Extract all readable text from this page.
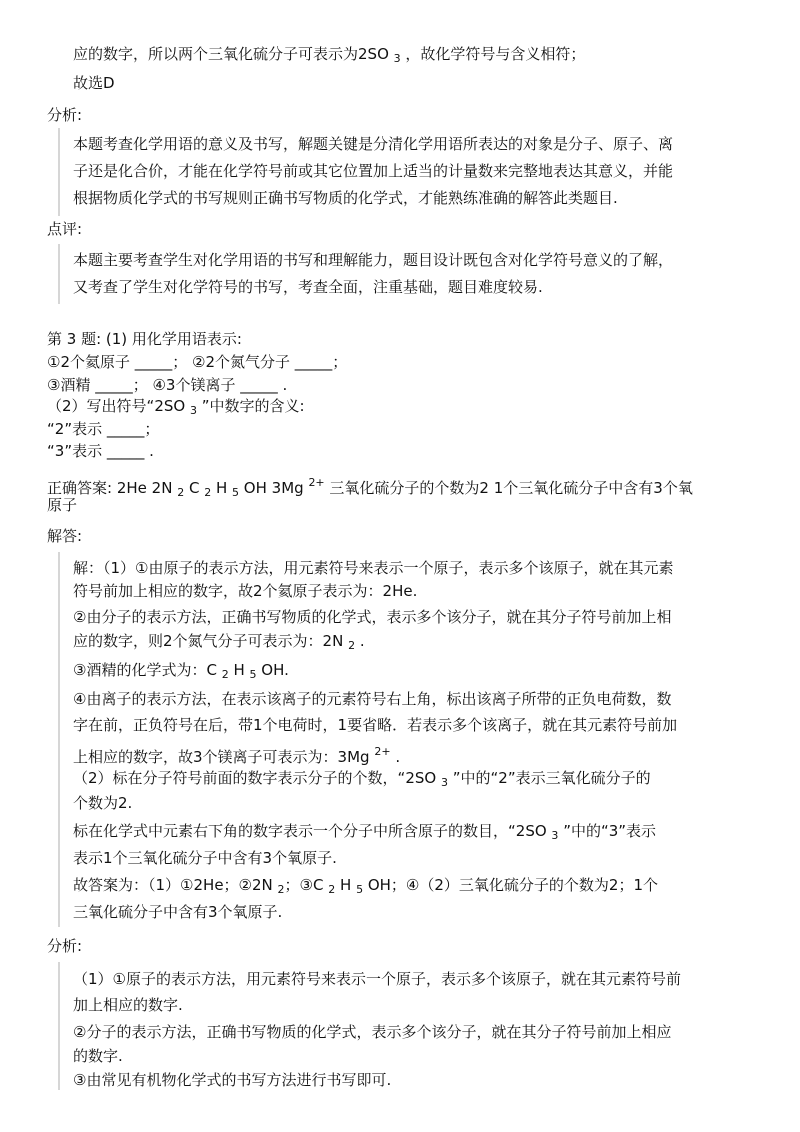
应的数字，所以两个三氧化硫分子可表示为2SO $_3$ ，故化学符号与含义相符；
故选D
分析:
本题考查化学用语的意义及书写，解题关键是分清化学用语所表达的对象是分子、原子、离
子还是化合价，才能在化学符号前或其它位置加上适当的计量数来完整地表达其意义，并能
根据物质化学式的书写规则正确书写物质的化学式，才能熟练准确的解答此类题目.
点评:
本题主要考查学生对化学用语的书写和理解能力，题目设计既包含对化学符号意义的了解，
又考查了学生对化学符号的书写，考查全面，注重基础，题目难度较易.
第 3 题: (1) 用化学用语表示:
①2个氦原子 _____； ②2个氮气分子 _____；
③酒精 _____； ④3个镁离子 _____ .
（2）写出符号“2SO $_3$ ”中数字的含义:
“2”表示 _____；
“3”表示 _____ .
正确答案: 2He 2N $_2$ C $_2$ H $_5$ OH 3Mg $^{2+}$ 三氧化硫分子的个数为2 1个三氧化硫分子中含有3个氧
原子
解答:
解：（1）①由原子的表示方法，用元素符号来表示一个原子，表示多个该原子，就在其元素
符号前加上相应的数字，故2个氦原子表示为：2He.
②由分子的表示方法，正确书写物质的化学式，表示多个该分子，就在其分子符号前加上相
应的数字，则2个氮气分子可表示为：2N $_2$ .
③酒精的化学式为：C $_2$ H $_5$ OH.
④由离子的表示方法，在表示该离子的元素符号右上角，标出该离子所带的正负电荷数，数
字在前，正负符号在后，带1个电荷时，1要省略．若表示多个该离子，就在其元素符号前加
上相应的数字，故3个镁离子可表示为：3Mg $^{2+}$ .
（2）标在分子符号前面的数字表示分子的个数，“2SO $_3$ ”中的“2”表示三氧化硫分子的
个数为2.
标在化学式中元素右下角的数字表示一个分子中所含原子的数目，“2SO $_3$ ”中的“3”表示
表示1个三氧化硫分子中含有3个氧原子.
故答案为：（1）①2He；②2N $_2$；③C $_2$ H $_5$ OH；④（2）三氧化硫分子的个数为2；1个
三氧化硫分子中含有3个氧原子.
分析:
（1）①原子的表示方法，用元素符号来表示一个原子，表示多个该原子，就在其元素符号前
加上相应的数字.
②分子的表示方法，正确书写物质的化学式，表示多个该分子，就在其分子符号前加上相应
的数字.
③由常见有机物化学式的书写方法进行书写即可.
